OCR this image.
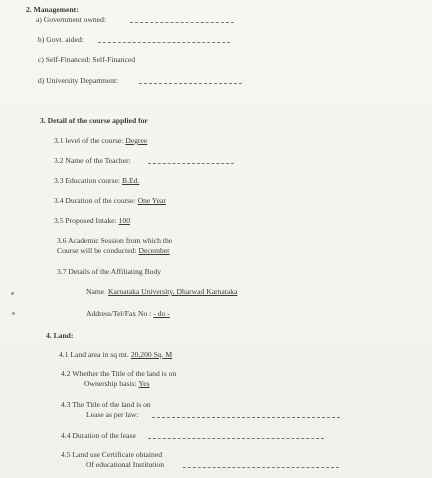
2. Management:
a) Government owned:
b) Govt. aided:
c) Self-Financed: Self-Financed
d) University Department:
3. Detail of the course applied for
3.1 level of the course: Degree
3.2 Name of the Teacher:
3.3 Education course: B.Ed.
3.4 Duration of the course: One Year
3.5 Proposed Intake: 100
3.6 Academic Session from which the
Course will be conducted: December
3.7 Details of the Affiliating Body
Name Karnataka University, Dharwad Karnataka
Address/Tel/Fax No : - do -
4. Land:
4.1 Land area in sq mt. 20,200 Sq. M
4.2 Whether the Title of the land is on
Ownership basis: Yes
4.3 The Title of the land is on
Lease as per law:
4.4 Duration of the lease
4.5 Land use Certificate obtained
Of educational Institution
